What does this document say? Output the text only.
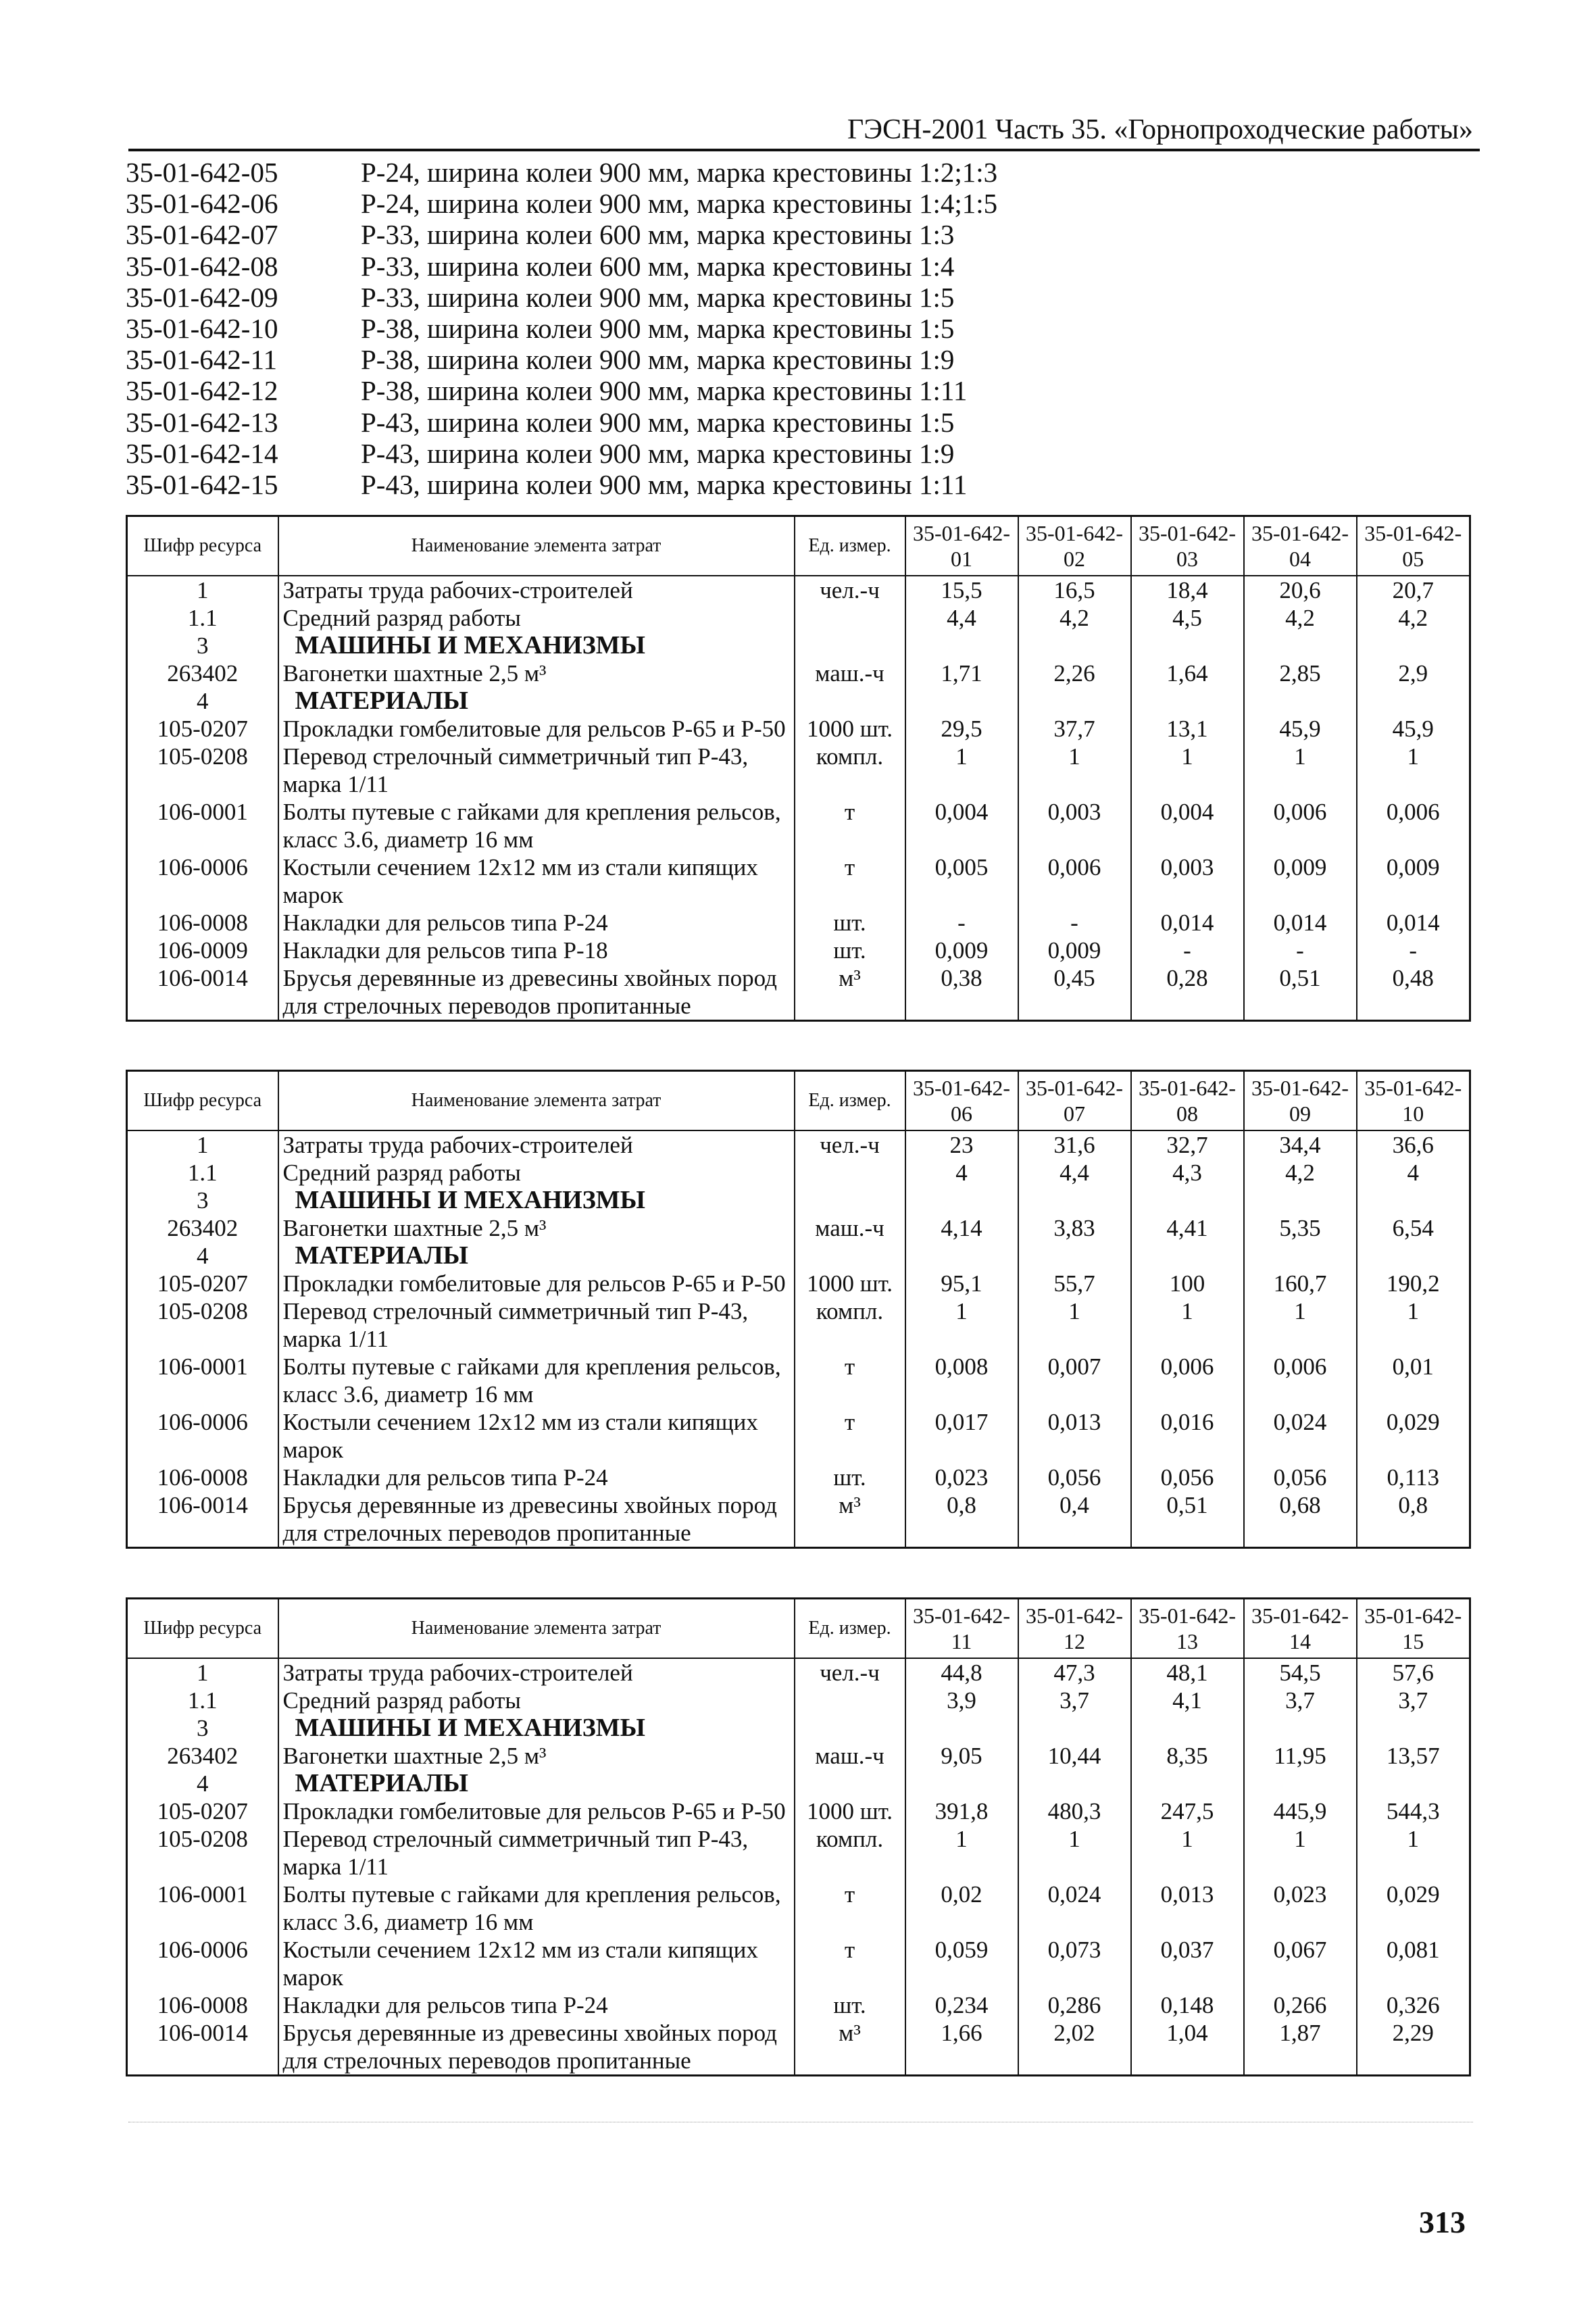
ГЭСН-2001 Часть 35. «Горнопроходческие работы»
35-01-642-05	Р-24, ширина колеи 900 мм, марка крестовины 1:2;1:3
35-01-642-06	Р-24, ширина колеи 900 мм, марка крестовины 1:4;1:5
35-01-642-07	Р-33, ширина колеи 600 мм, марка крестовины 1:3
35-01-642-08	Р-33, ширина колеи 600 мм, марка крестовины 1:4
35-01-642-09	Р-33, ширина колеи 900 мм, марка крестовины 1:5
35-01-642-10	Р-38, ширина колеи 900 мм, марка крестовины 1:5
35-01-642-11	Р-38, ширина колеи 900 мм, марка крестовины 1:9
35-01-642-12	Р-38, ширина колеи 900 мм, марка крестовины 1:11
35-01-642-13	Р-43, ширина колеи 900 мм, марка крестовины 1:5
35-01-642-14	Р-43, ширина колеи 900 мм, марка крестовины 1:9
35-01-642-15	Р-43, ширина колеи 900 мм, марка крестовины 1:11
Шифр ресурса	Наименование элемента затрат	Ед. измер.	35-01-642-01	35-01-642-02	35-01-642-03	35-01-642-04	35-01-642-05
1	Затраты труда рабочих-строителей	чел.-ч	15,5	16,5	18,4	20,6	20,7
1.1	Средний разряд работы		4,4	4,2	4,5	4,2	4,2
3	МАШИНЫ И МЕХАНИЗМЫ						
263402	Вагонетки шахтные 2,5 м³	маш.-ч	1,71	2,26	1,64	2,85	2,9
4	МАТЕРИАЛЫ						
105-0207	Прокладки гомбелитовые для рельсов Р-65 и Р-50	1000 шт.	29,5	37,7	13,1	45,9	45,9
105-0208	Перевод стрелочный симметричный тип Р-43, марка 1/11	компл.	1	1	1	1	1
106-0001	Болты путевые с гайками для крепления рельсов, класс 3.6, диаметр 16 мм	т	0,004	0,003	0,004	0,006	0,006
106-0006	Костыли сечением 12х12 мм из стали кипящих марок	т	0,005	0,006	0,003	0,009	0,009
106-0008	Накладки для рельсов типа Р-24	шт.	-	-	0,014	0,014	0,014
106-0009	Накладки для рельсов типа Р-18	шт.	0,009	0,009	-	-	-
106-0014	Брусья деревянные из древесины хвойных пород для стрелочных переводов пропитанные	м³	0,38	0,45	0,28	0,51	0,48
Шифр ресурса	Наименование элемента затрат	Ед. измер.	35-01-642-06	35-01-642-07	35-01-642-08	35-01-642-09	35-01-642-10
1	Затраты труда рабочих-строителей	чел.-ч	23	31,6	32,7	34,4	36,6
1.1	Средний разряд работы		4	4,4	4,3	4,2	4
3	МАШИНЫ И МЕХАНИЗМЫ						
263402	Вагонетки шахтные 2,5 м³	маш.-ч	4,14	3,83	4,41	5,35	6,54
4	МАТЕРИАЛЫ						
105-0207	Прокладки гомбелитовые для рельсов Р-65 и Р-50	1000 шт.	95,1	55,7	100	160,7	190,2
105-0208	Перевод стрелочный симметричный тип Р-43, марка 1/11	компл.	1	1	1	1	1
106-0001	Болты путевые с гайками для крепления рельсов, класс 3.6, диаметр 16 мм	т	0,008	0,007	0,006	0,006	0,01
106-0006	Костыли сечением 12х12 мм из стали кипящих марок	т	0,017	0,013	0,016	0,024	0,029
106-0008	Накладки для рельсов типа Р-24	шт.	0,023	0,056	0,056	0,056	0,113
106-0014	Брусья деревянные из древесины хвойных пород для стрелочных переводов пропитанные	м³	0,8	0,4	0,51	0,68	0,8
Шифр ресурса	Наименование элемента затрат	Ед. измер.	35-01-642-11	35-01-642-12	35-01-642-13	35-01-642-14	35-01-642-15
1	Затраты труда рабочих-строителей	чел.-ч	44,8	47,3	48,1	54,5	57,6
1.1	Средний разряд работы		3,9	3,7	4,1	3,7	3,7
3	МАШИНЫ И МЕХАНИЗМЫ						
263402	Вагонетки шахтные 2,5 м³	маш.-ч	9,05	10,44	8,35	11,95	13,57
4	МАТЕРИАЛЫ						
105-0207	Прокладки гомбелитовые для рельсов Р-65 и Р-50	1000 шт.	391,8	480,3	247,5	445,9	544,3
105-0208	Перевод стрелочный симметричный тип Р-43, марка 1/11	компл.	1	1	1	1	1
106-0001	Болты путевые с гайками для крепления рельсов, класс 3.6, диаметр 16 мм	т	0,02	0,024	0,013	0,023	0,029
106-0006	Костыли сечением 12х12 мм из стали кипящих марок	т	0,059	0,073	0,037	0,067	0,081
106-0008	Накладки для рельсов типа Р-24	шт.	0,234	0,286	0,148	0,266	0,326
106-0014	Брусья деревянные из древесины хвойных пород для стрелочных переводов пропитанные	м³	1,66	2,02	1,04	1,87	2,29
313
